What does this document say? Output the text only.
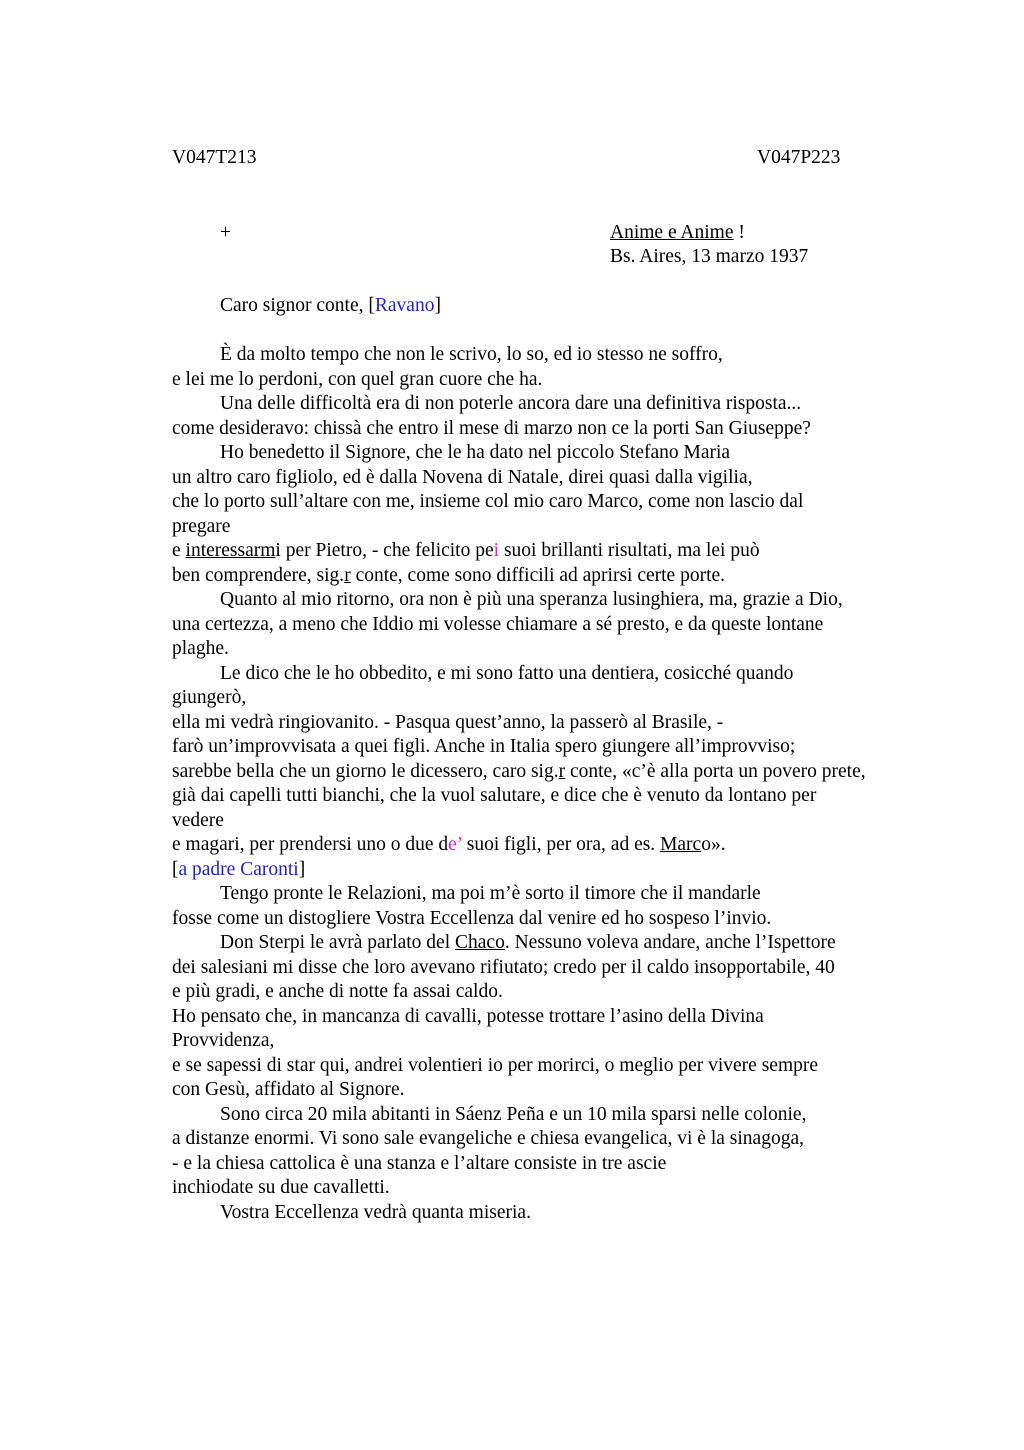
V047T213	V047P223
+	Anime e Anime !
Bs. Aires, 13 marzo 1937
Caro signor conte, [Ravano]
È da molto tempo che non le scrivo, lo so, ed io stesso ne soffro,
e lei me lo perdoni, con quel gran cuore che ha.
Una delle difficoltà era di non poterle ancora dare una definitiva risposta...
come desideravo: chissà che entro il mese di marzo non ce la porti San Giuseppe?
Ho benedetto il Signore, che le ha dato nel piccolo Stefano Maria
un altro caro figliolo, ed è dalla Novena di Natale, direi quasi dalla vigilia,
che lo porto sull’altare con me, insieme col mio caro Marco, come non lascio dal
pregare
e interessarmi per Pietro, - che felicito pei suoi brillanti risultati, ma lei può
ben comprendere, sig.r conte, come sono difficili ad aprirsi certe porte.
Quanto al mio ritorno, ora non è più una speranza lusinghiera, ma, grazie a Dio,
una certezza, a meno che Iddio mi volesse chiamare a sé presto, e da queste lontane
plaghe.
Le dico che le ho obbedito, e mi sono fatto una dentiera, cosicché quando
giungerò,
ella mi vedrà ringiovanito. - Pasqua quest’anno, la passerò al Brasile, -
farò un’improvvisata a quei figli. Anche in Italia spero giungere all’improvviso;
sarebbe bella che un giorno le dicessero, caro sig.r conte, «c’è alla porta un povero prete,
già dai capelli tutti bianchi, che la vuol salutare, e dice che è venuto da lontano per
vedere
e magari, per prendersi uno o due de’ suoi figli, per ora, ad es. Marco».
[a padre Caronti]
Tengo pronte le Relazioni, ma poi m’è sorto il timore che il mandarle
fosse come un distogliere Vostra Eccellenza dal venire ed ho sospeso l’invio.
Don Sterpi le avrà parlato del Chaco. Nessuno voleva andare, anche l’Ispettore
dei salesiani mi disse che loro avevano rifiutato; credo per il caldo insopportabile, 40
e più gradi, e anche di notte fa assai caldo.
Ho pensato che, in mancanza di cavalli, potesse trottare l’asino della Divina
Provvidenza,
e se sapessi di star qui, andrei volentieri io per morirci, o meglio per vivere sempre
con Gesù, affidato al Signore.
Sono circa 20 mila abitanti in Sáenz Peña e un 10 mila sparsi nelle colonie,
a distanze enormi. Vi sono sale evangeliche e chiesa evangelica, vi è la sinagoga,
- e la chiesa cattolica è una stanza e l’altare consiste in tre ascie
inchiodate su due cavalletti.
Vostra Eccellenza vedrà quanta miseria.
